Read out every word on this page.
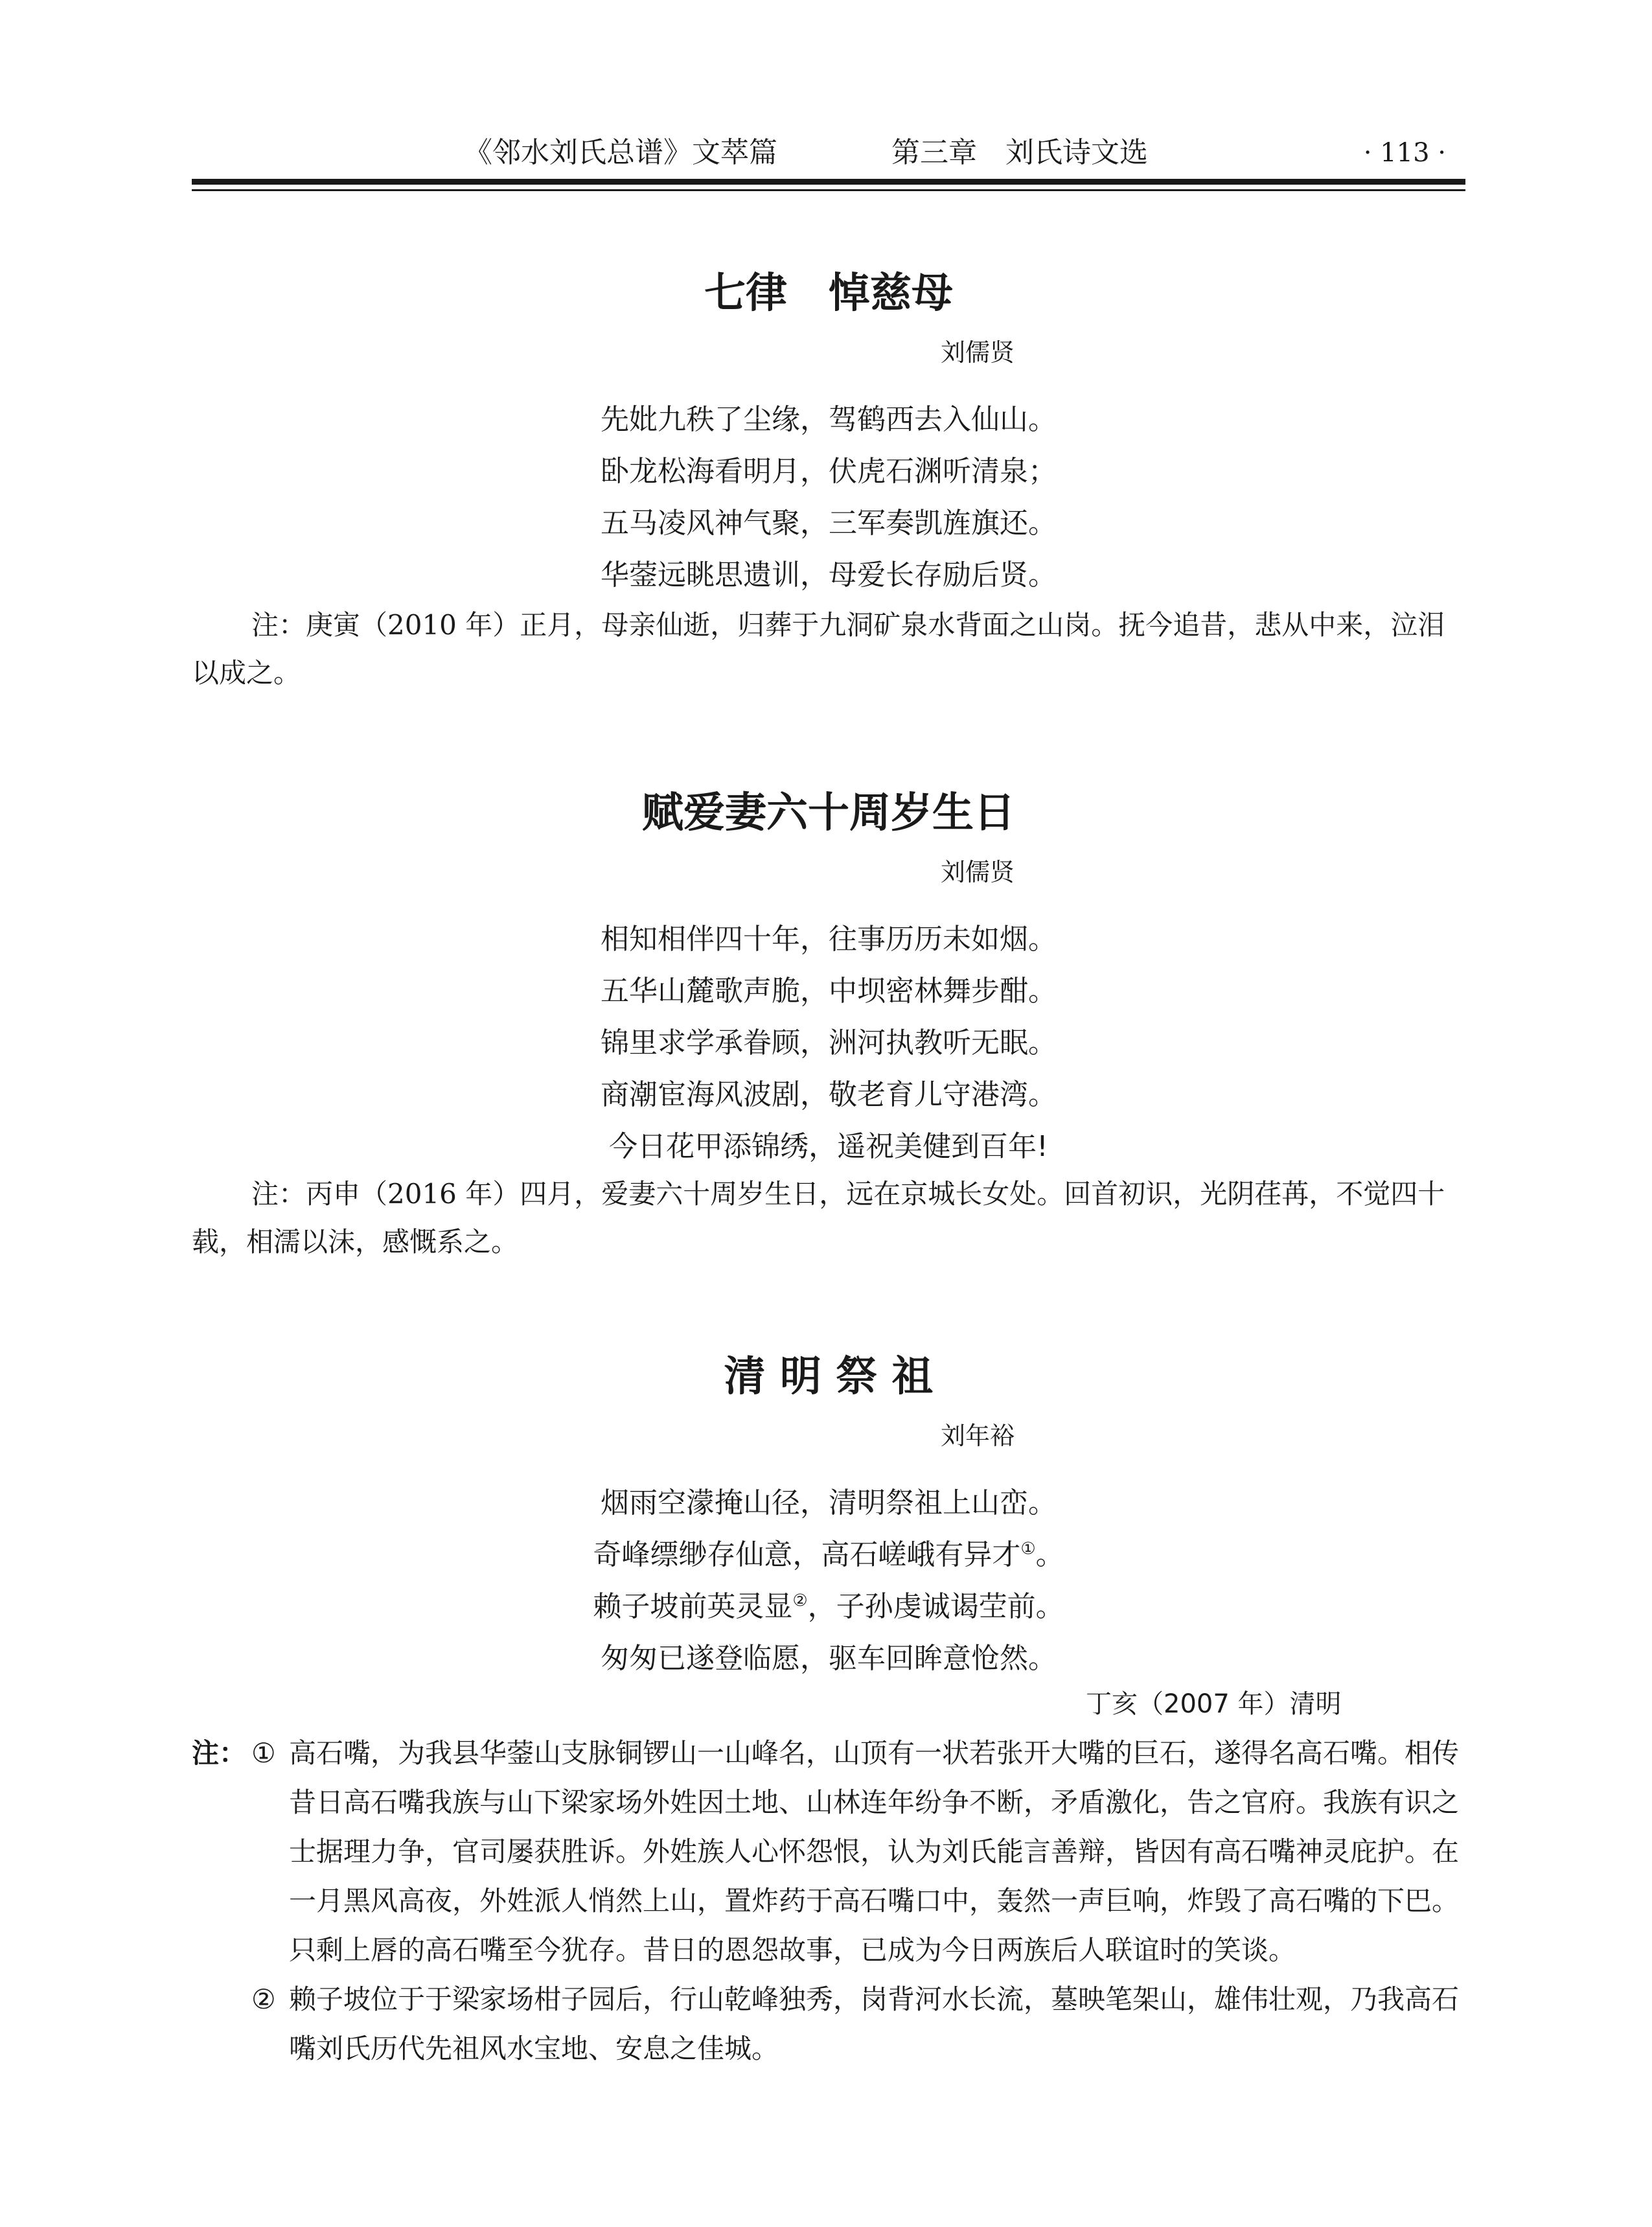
《邻水刘氏总谱》文萃篇	第三章　刘氏诗文选	· 113 ·
七律　悼慈母
刘儒贤
先妣九秩了尘缘，驾鹤西去入仙山。
卧龙松海看明月，伏虎石渊听清泉；
五马凌风神气聚，三军奏凯旌旗还。
华蓥远眺思遗训，母爱长存励后贤。
注：庚寅（2010 年）正月，母亲仙逝，归葬于九洞矿泉水背面之山岗。抚今追昔，悲从中来，泣泪以成之。
赋爱妻六十周岁生日
刘儒贤
相知相伴四十年，往事历历未如烟。
五华山麓歌声脆，中坝密林舞步酣。
锦里求学承眷顾，洲河执教听无眠。
商潮宦海风波剧，敬老育儿守港湾。
今日花甲添锦绣，遥祝美健到百年!
注：丙申（2016 年）四月，爱妻六十周岁生日，远在京城长女处。回首初识，光阴荏苒，不觉四十载，相濡以沫，感慨系之。
清 明 祭 祖
刘年裕
烟雨空濛掩山径，清明祭祖上山峦。
奇峰缥缈存仙意，高石嵯峨有异才①。
赖子坡前英灵显②，子孙虔诚谒茔前。
匆匆已遂登临愿，驱车回眸意怆然。
丁亥（2007 年）清明
注： ① 高石嘴，为我县华蓥山支脉铜锣山一山峰名，山顶有一状若张开大嘴的巨石，遂得名高石嘴。相传昔日高石嘴我族与山下梁家场外姓因土地、山林连年纷争不断，矛盾激化，告之官府。我族有识之士据理力争，官司屡获胜诉。外姓族人心怀怨恨，认为刘氏能言善辩，皆因有高石嘴神灵庇护。在一月黑风高夜，外姓派人悄然上山，置炸药于高石嘴口中，轰然一声巨响，炸毁了高石嘴的下巴。只剩上唇的高石嘴至今犹存。昔日的恩怨故事，已成为今日两族后人联谊时的笑谈。
② 赖子坡位于于梁家场柑子园后，行山乾峰独秀，岗背河水长流，墓映笔架山，雄伟壮观，乃我高石嘴刘氏历代先祖风水宝地、安息之佳城。
